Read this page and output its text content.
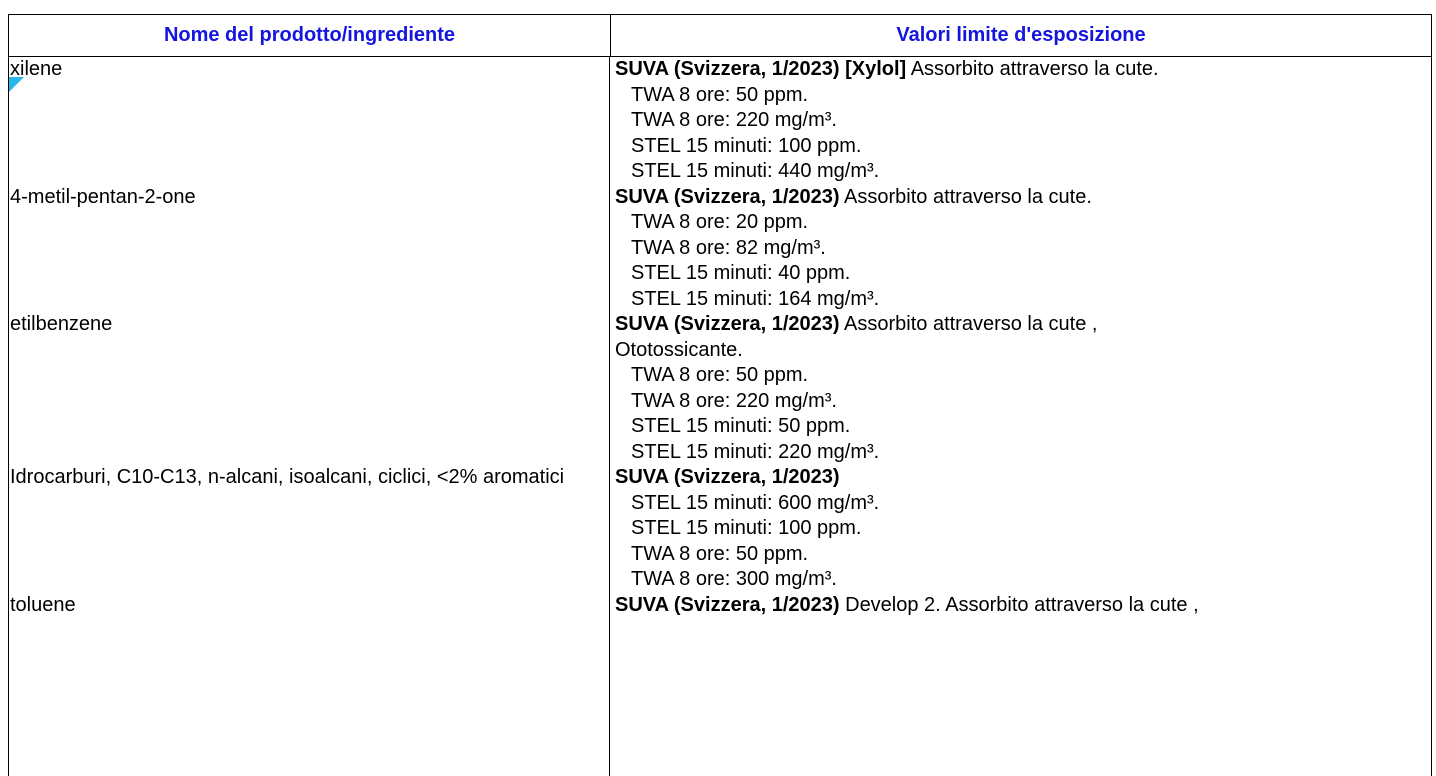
Nome del prodotto/ingrediente	Valori limite d'esposizione
xilene	SUVA (Svizzera, 1/2023) [Xylol] Assorbito attraverso la cute.
TWA 8 ore: 50 ppm.
TWA 8 ore: 220 mg/m³.
STEL 15 minuti: 100 ppm.
STEL 15 minuti: 440 mg/m³.
4-metil-pentan-2-one	SUVA (Svizzera, 1/2023) Assorbito attraverso la cute.
TWA 8 ore: 20 ppm.
TWA 8 ore: 82 mg/m³.
STEL 15 minuti: 40 ppm.
STEL 15 minuti: 164 mg/m³.
etilbenzene	SUVA (Svizzera, 1/2023) Assorbito attraverso la cute ,
Ototossicante.
TWA 8 ore: 50 ppm.
TWA 8 ore: 220 mg/m³.
STEL 15 minuti: 50 ppm.
STEL 15 minuti: 220 mg/m³.
Idrocarburi, C10-C13, n-alcani, isoalcani, ciclici, <2% aromatici	SUVA (Svizzera, 1/2023)
STEL 15 minuti: 600 mg/m³.
STEL 15 minuti: 100 ppm.
TWA 8 ore: 50 ppm.
TWA 8 ore: 300 mg/m³.
toluene	SUVA (Svizzera, 1/2023) Develop 2. Assorbito attraverso la cute ,
